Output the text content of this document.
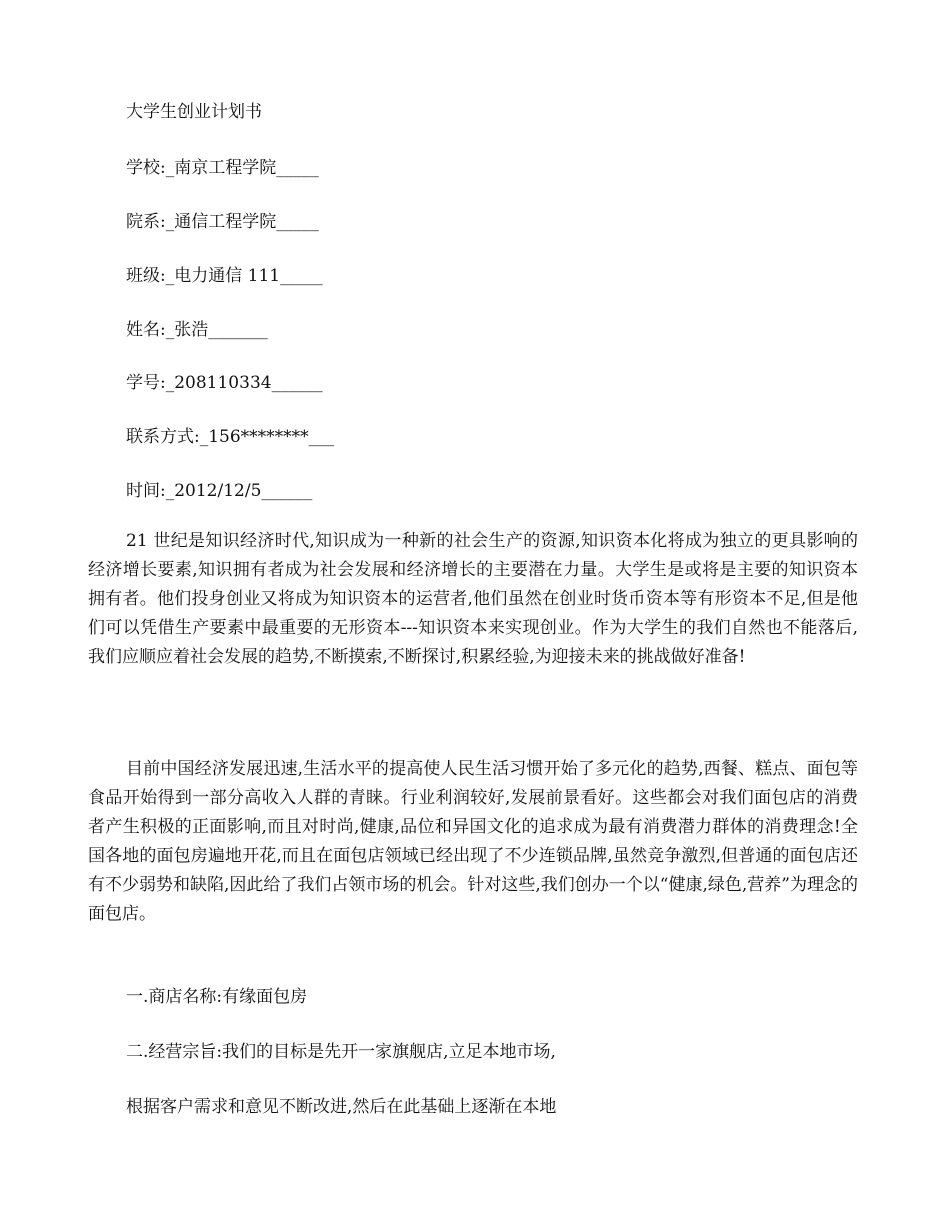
大学生创业计划书
学校:_南京工程学院_____
院系:_通信工程学院_____
班级:_电力通信 111_____
姓名:_张浩_______
学号:_208110334______
联系方式:_156********___
时间:_2012/12/5______

21 世纪是知识经济时代,知识成为一种新的社会生产的资源,知识资本化将成为独立的更具影响的经济增长要素,知识拥有者成为社会发展和经济增长的主要潜在力量。大学生是或将是主要的知识资本拥有者。他们投身创业又将成为知识资本的运营者,他们虽然在创业时货币资本等有形资本不足,但是他们可以凭借生产要素中最重要的无形资本---知识资本来实现创业。作为大学生的我们自然也不能落后,我们应顺应着社会发展的趋势,不断摸索,不断探讨,积累经验,为迎接未来的挑战做好准备!

目前中国经济发展迅速,生活水平的提高使人民生活习惯开始了多元化的趋势,西餐、糕点、面包等食品开始得到一部分高收入人群的青睐。行业利润较好,发展前景看好。这些都会对我们面包店的消费者产生积极的正面影响,而且对时尚,健康,品位和异国文化的追求成为最有消费潜力群体的消费理念!全国各地的面包房遍地开花,而且在面包店领域已经出现了不少连锁品牌,虽然竞争激烈,但普通的面包店还有不少弱势和缺陷,因此给了我们占领市场的机会。针对这些,我们创办一个以“健康,绿色,营养”为理念的面包店。

一.商店名称:有缘面包房
二.经营宗旨:我们的目标是先开一家旗舰店,立足本地市场,
根据客户需求和意见不断改进,然后在此基础上逐渐在本地
